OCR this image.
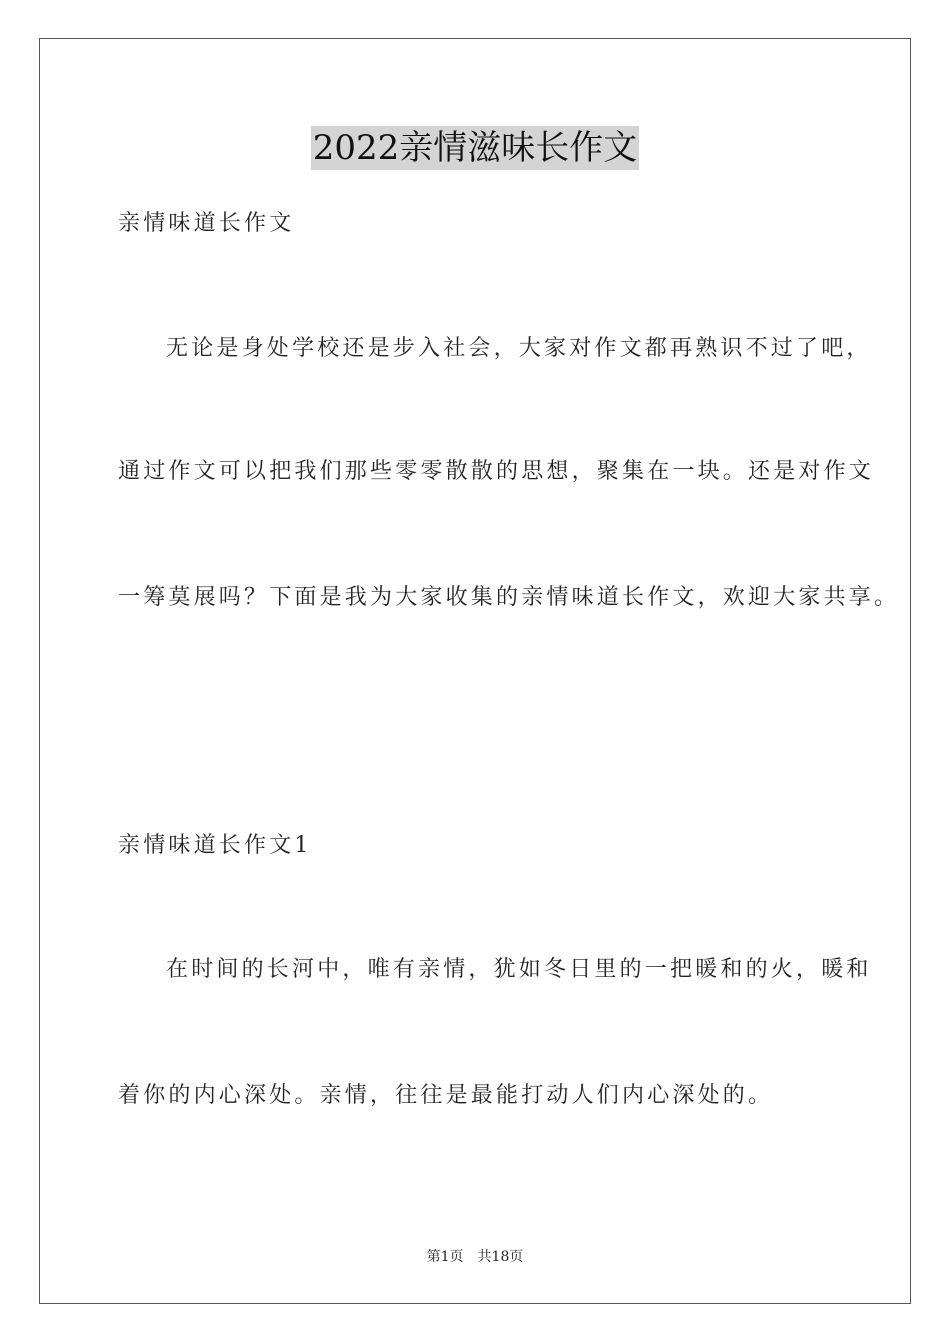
2022亲情滋味长作文
亲情味道长作文
无论是身处学校还是步入社会，大家对作文都再熟识不过了吧，
通过作文可以把我们那些零零散散的思想，聚集在一块。还是对作文
一筹莫展吗？下面是我为大家收集的亲情味道长作文，欢迎大家共享。
亲情味道长作文1
在时间的长河中，唯有亲情，犹如冬日里的一把暖和的火，暖和
着你的内心深处。亲情，往往是最能打动人们内心深处的。
第1页　共18页
